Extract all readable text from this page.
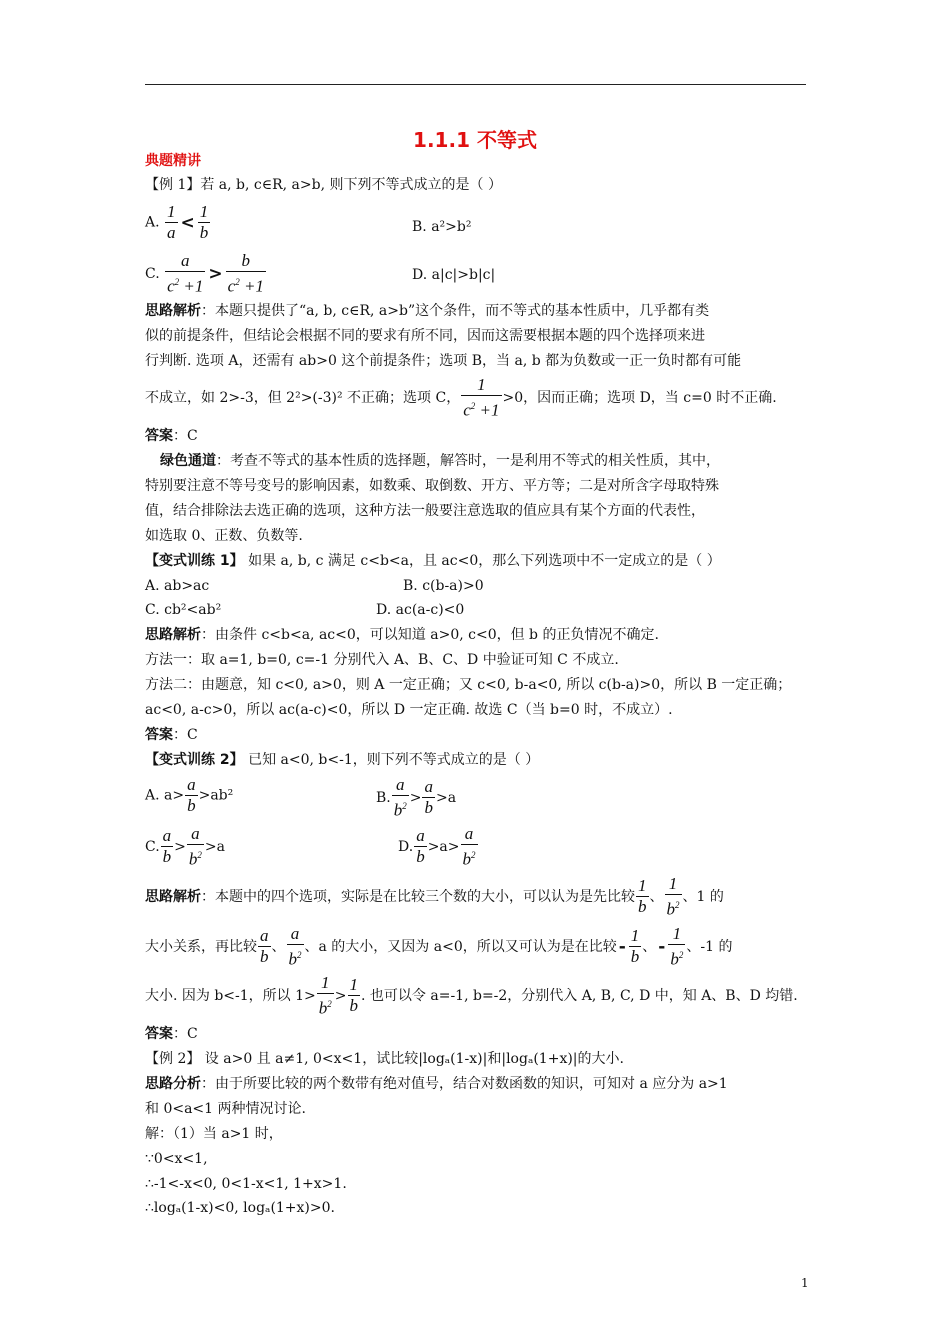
1.1.1 不等式
典题精讲
【例 1】若 a, b, c∈R, a>b, 则下列不等式成立的是（ ）
A. $\frac{1}{a} < \frac{1}{b}$	B. a²>b²
C. $\frac{a}{c^2 +1} > \frac{b}{c^2 +1}$	D. a|c|>b|c|
思路解析：本题只提供了“a, b, c∈R, a>b”这个条件，而不等式的基本性质中，几乎都有类
似的前提条件，但结论会根据不同的要求有所不同，因而这需要根据本题的四个选择项来进
行判断. 选项 A，还需有 ab>0 这个前提条件；选项 B，当 a, b 都为负数或一正一负时都有可能
不成立，如 2>-3，但 2²>(-3)² 不正确；选项 C， $\frac{1}{c^2 +1} >0$，因而正确；选项 D，当 c=0 时不正确.
答案：C
绿色通道：考查不等式的基本性质的选择题，解答时，一是利用不等式的相关性质，其中，
特别要注意不等号变号的影响因素，如数乘、取倒数、开方、平方等；二是对所含字母取特殊
值，结合排除法去选正确的选项，这种方法一般要注意选取的值应具有某个方面的代表性，
如选取 0、正数、负数等.
【变式训练 1】 如果 a, b, c 满足 c<b<a，且 ac<0，那么下列选项中不一定成立的是（ ）
A. ab>ac	B. c(b-a)>0
C. cb²<ab²	D. ac(a-c)<0
思路解析：由条件 c<b<a, ac<0，可以知道 a>0, c<0，但 b 的正负情况不确定.
方法一：取 a=1, b=0, c=-1 分别代入 A、B、C、D 中验证可知 C 不成立.
方法二：由题意，知 c<0, a>0，则 A 一定正确；又 c<0, b-a<0, 所以 c(b-a)>0，所以 B 一定正确；
ac<0, a-c>0，所以 ac(a-c)<0，所以 D 一定正确. 故选 C（当 b=0 时，不成立）.
答案：C
【变式训练 2】 已知 a<0, b<-1，则下列不等式成立的是（ ）
A. $a> \frac{a}{b} >ab^2$	B. $\frac{a}{b^2} > \frac{a}{b} >a$
C. $\frac{a}{b} > \frac{a}{b^2} >a$	D. $\frac{a}{b} >a> \frac{a}{b^2}$
思路解析：本题中的四个选项，实际是在比较三个数的大小，可以认为是先比较 $\frac{1}{b}$ 、 $\frac{1}{b^2}$ 、1 的
大小关系，再比较 $\frac{a}{b}$ 、 $\frac{a}{b^2}$ 、a 的大小，又因为 a<0，所以又可认为是在比较 - $\frac{1}{b}$ 、 - $\frac{1}{b^2}$ 、-1 的
大小. 因为 b<-1，所以 $1> \frac{1}{b^2} > \frac{1}{b}$ . 也可以令 a=-1, b=-2，分别代入 A, B, C, D 中，知 A、B、D 均错.
答案：C
【例 2】 设 a>0 且 a≠1, 0<x<1，试比较|logₐ(1-x)|和|logₐ(1+x)|的大小.
思路分析：由于所要比较的两个数带有绝对值号，结合对数函数的知识，可知对 a 应分为 a>1
和 0<a<1 两种情况讨论.
解：（1）当 a>1 时，
∵0<x<1,
∴-1<-x<0, 0<1-x<1, 1+x>1.
∴logₐ(1-x)<0, logₐ(1+x)>0.
1
